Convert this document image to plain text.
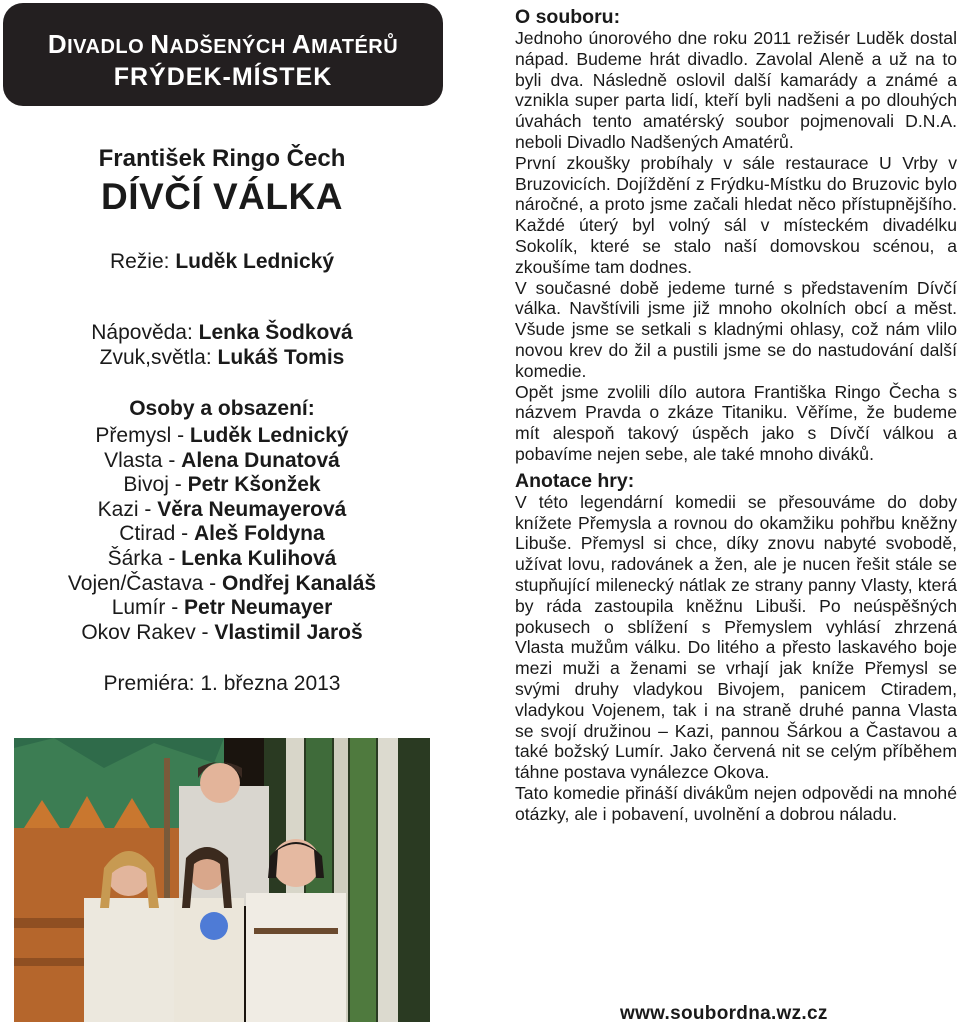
DIVADLO NADŠENÝCH AMATÉRŮ
FRÝDEK-MÍSTEK
František Ringo Čech
DÍVČÍ VÁLKA
Režie: Luděk Lednický
Nápověda: Lenka Šodková
Zvuk,světla: Lukáš Tomis
Osoby a obsazení:
Přemysl - Luděk Lednický
Vlasta - Alena Dunatová
Bivoj - Petr Kšonžek
Kazi - Věra Neumayerová
Ctirad - Aleš Foldyna
Šárka - Lenka Kulihová
Vojen/Častava - Ondřej Kanaláš
Lumír - Petr Neumayer
Okov Rakev - Vlastimil Jaroš
Premiéra: 1. března 2013
O souboru:

Jednoho únorového dne roku 2011 režisér Luděk dostal nápad. Budeme hrát divadlo. Zavolal Aleně a už na to byli dva. Následně oslovil další kamarády a známé a vznikla super parta lidí, kteří byli nadšeni a po dlouhých úvahách tento amatérský soubor pojmenovali D.N.A. neboli Divadlo Nadšených Amatérů.

První zkoušky probíhaly v sále restaurace U Vrby v Bruzovicích. Dojíždění z Frýdku-Místku do Bruzovic bylo náročné, a proto jsme začali hledat něco přístupnějšího. Každé úterý byl volný sál v místeckém divadélku Sokolík, které se stalo naší domovskou scénou, a zkoušíme tam dodnes.

V současné době jedeme turné s představením Dívčí válka. Navštívili jsme již mnoho okolních obcí a měst. Všude jsme se setkali s kladnými ohlasy, což nám vlilo novou krev do žil a pustili jsme se do nastudování další komedie.

Opět jsme zvolili dílo autora Františka Ringo Čecha s názvem Pravda o zkáze Titaniku. Věříme, že budeme mít alespoň takový úspěch jako s Dívčí válkou a pobavíme nejen sebe, ale také mnoho diváků.

Anotace hry:

V této legendární komedii se přesouváme do doby knížete Přemysla a rovnou do okamžiku pohřbu kněžny Libuše. Přemysl si chce, díky znovu nabyté svobodě, užívat lovu, radovánek a žen, ale je nucen řešit stále se stupňující milenecký nátlak ze strany panny Vlasty, která by ráda zastoupila kněžnu Libuši. Po neúspěšných pokusech o sblížení s Přemyslem vyhlásí zhrzená Vlasta mužům válku. Do litého a přesto laskavého boje mezi muži a ženami se vrhají jak kníže Přemysl se svými druhy vladykou Bivojem, panicem Ctiradem, vladykou Vojenem, tak i na straně druhé panna Vlasta se svojí družinou – Kazi, pannou Šárkou a Častavou a také božský Lumír. Jako červená nit se celým příběhem táhne postava vynálezce Okova.

Tato komedie přináší divákům nejen odpovědi na mnohé otázky, ale i pobavení, uvolnění a dobrou náladu.

www.soubordna.wz.cz
